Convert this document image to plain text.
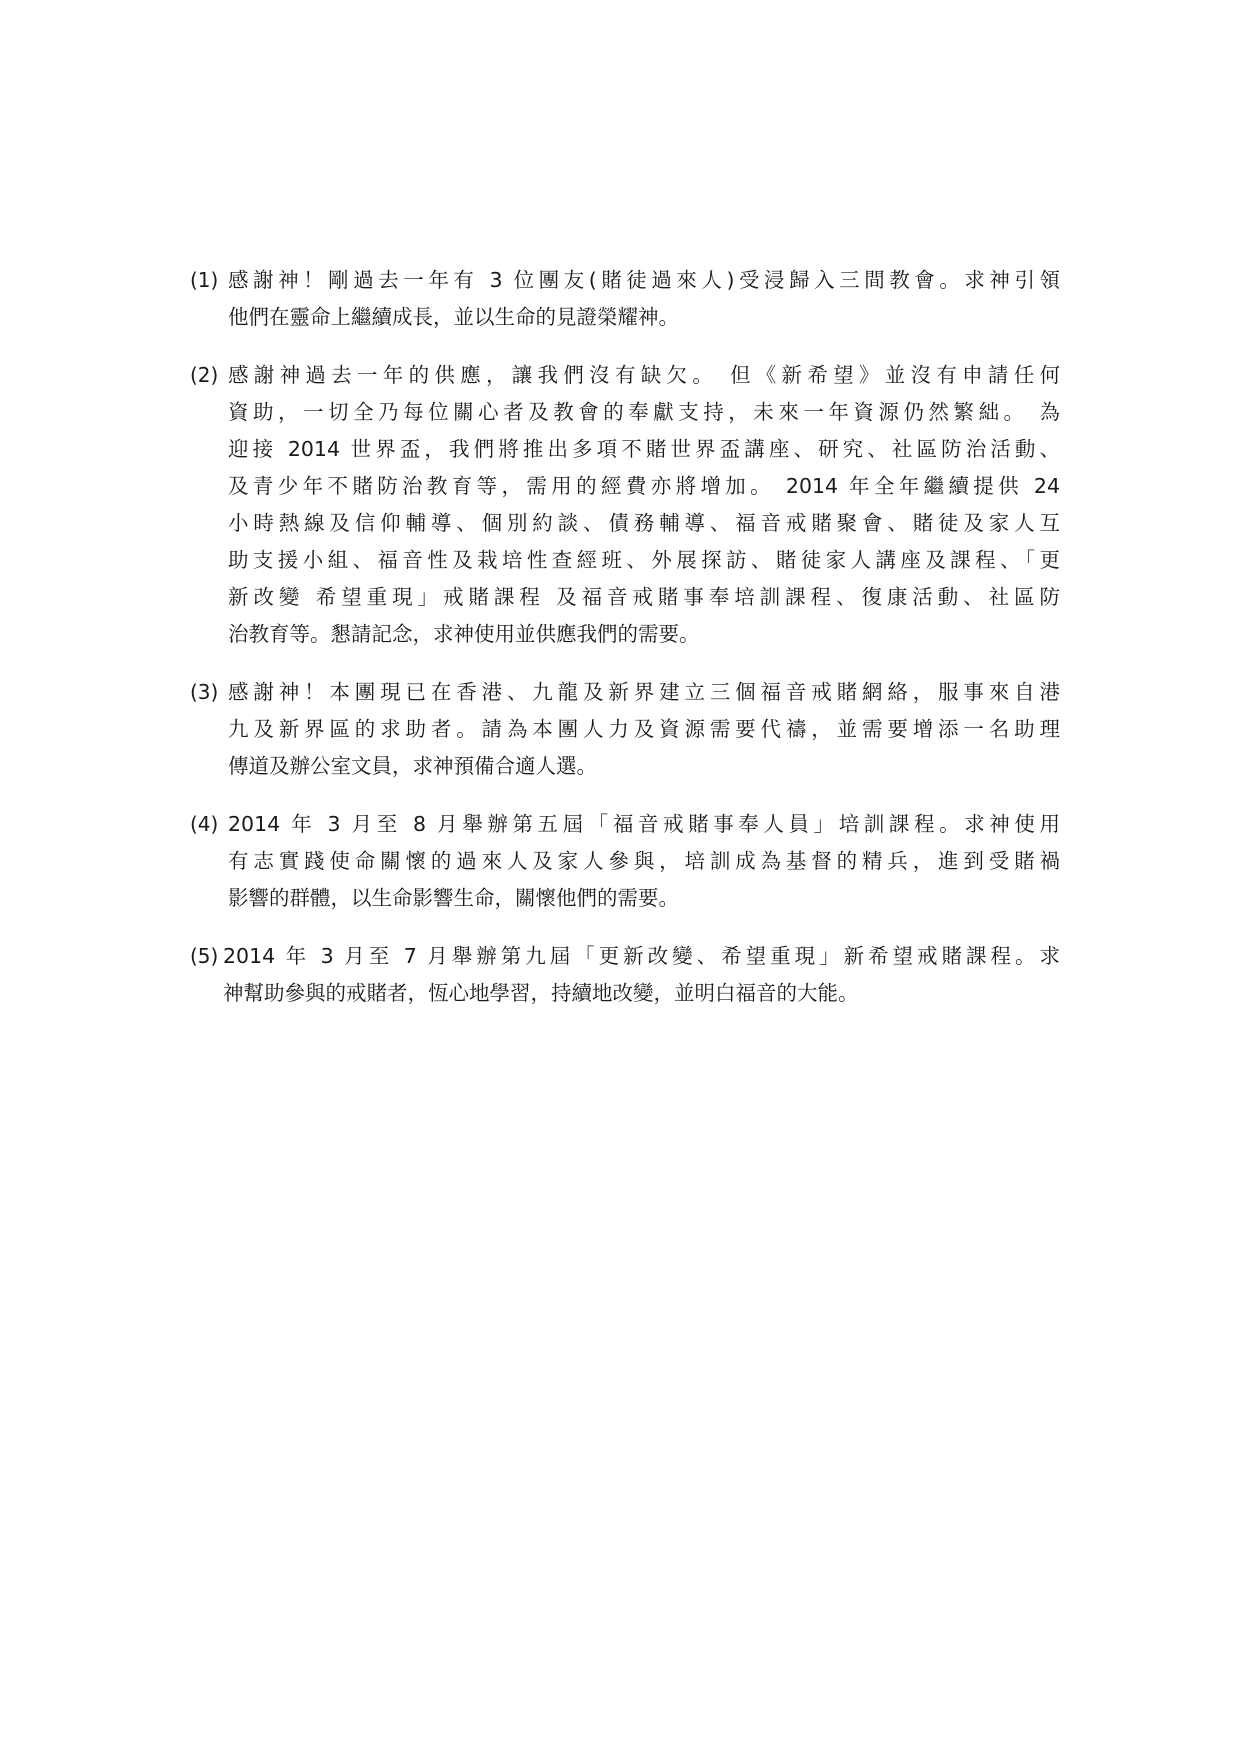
(1) 感謝神！剛過去一年有 3 位團友(賭徒過來人)受浸歸入三間教會。求神引領
他們在靈命上繼續成長，並以生命的見證榮耀神。
(2) 感謝神過去一年的供應，讓我們沒有缺欠。 但《新希望》並沒有申請任何
資助，一切全乃每位關心者及教會的奉獻支持，未來一年資源仍然繁絀。 為
迎接 2014 世界盃，我們將推出多項不賭世界盃講座、研究、社區防治活動、
及青少年不賭防治教育等，需用的經費亦將增加。 2014 年全年繼續提供 24
小時熱線及信仰輔導、個別約談、債務輔導、福音戒賭聚會、賭徒及家人互
助支援小組、福音性及栽培性查經班、外展探訪、賭徒家人講座及課程、「更
新改變 希望重現」戒賭課程 及福音戒賭事奉培訓課程、復康活動、社區防
治教育等。懇請記念，求神使用並供應我們的需要。
(3) 感謝神！本團現已在香港、九龍及新界建立三個福音戒賭網絡，服事來自港
九及新界區的求助者。請為本團人力及資源需要代禱，並需要增添一名助理
傳道及辦公室文員，求神預備合適人選。
(4) 2014 年 3 月至 8 月舉辦第五屆「福音戒賭事奉人員」培訓課程。求神使用
有志實踐使命關懷的過來人及家人參與，培訓成為基督的精兵，進到受賭禍
影響的群體，以生命影響生命，關懷他們的需要。
(5) 2014 年 3 月至 7 月舉辦第九屆「更新改變、希望重現」新希望戒賭課程。求
神幫助參與的戒賭者，恆心地學習，持續地改變，並明白福音的大能。
